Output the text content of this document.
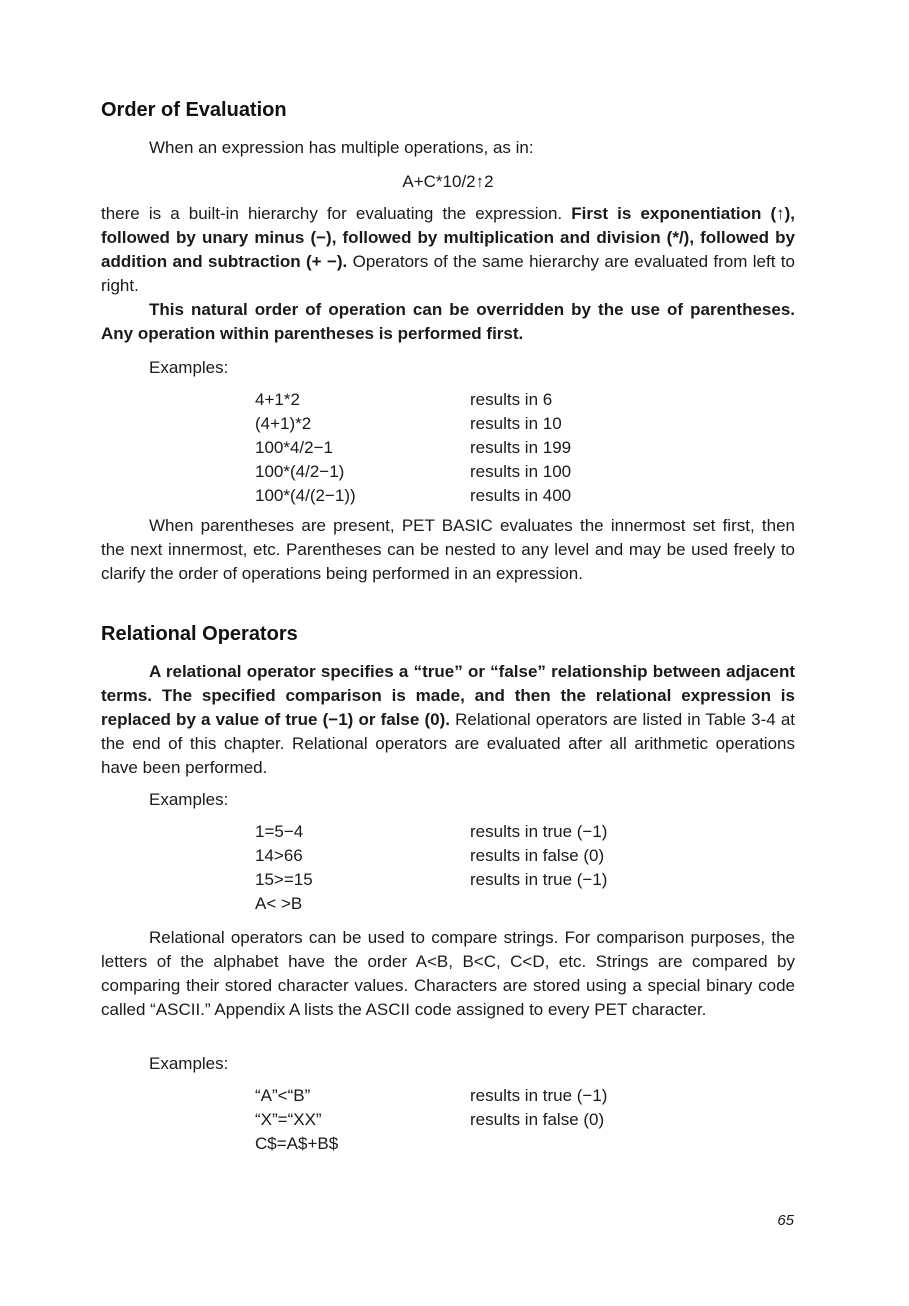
Order of Evaluation

When an expression has multiple operations, as in:

A+C*10/2↑2

there is a built-in hierarchy for evaluating the expression. First is exponentiation (↑), followed by unary minus (−), followed by multiplication and division (*/), followed by addition and subtraction (+ −). Operators of the same hierarchy are evaluated from left to right.

This natural order of operation can be overridden by the use of parentheses. Any operation within parentheses is performed first.

Examples:

4+1*2	results in 6
(4+1)*2	results in 10
100*4/2−1	results in 199
100*(4/2−1)	results in 100
100*(4/(2−1))	results in 400

When parentheses are present, PET BASIC evaluates the innermost set first, then the next innermost, etc. Parentheses can be nested to any level and may be used freely to clarify the order of operations being performed in an expression.

Relational Operators

A relational operator specifies a “true” or “false” relationship between adjacent terms. The specified comparison is made, and then the relational expression is replaced by a value of true (−1) or false (0). Relational operators are listed in Table 3-4 at the end of this chapter. Relational operators are evaluated after all arithmetic operations have been performed.

Examples:

1=5−4	results in true (−1)
14>66	results in false (0)
15>=15	results in true (−1)
A< >B

Relational operators can be used to compare strings. For comparison purposes, the letters of the alphabet have the order A<B, B<C, C<D, etc. Strings are compared by comparing their stored character values. Characters are stored using a special binary code called “ASCII.” Appendix A lists the ASCII code assigned to every PET character.

Examples:

“A”<“B”	results in true (−1)
“X”=“XX”	results in false (0)
C$=A$+B$
65
